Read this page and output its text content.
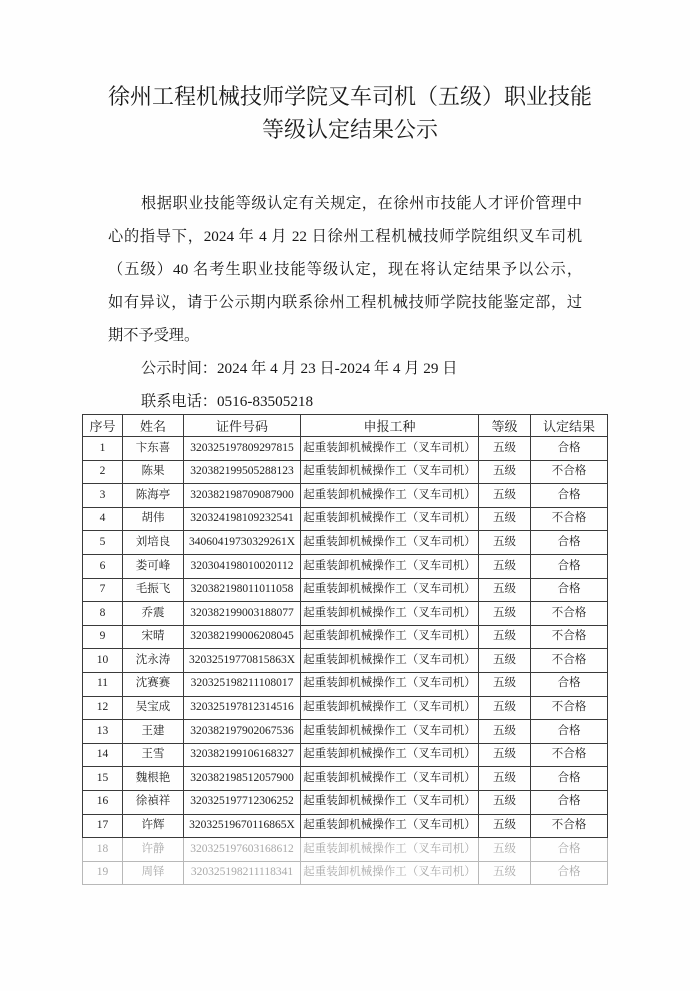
徐州工程机械技师学院叉车司机（五级）职业技能
等级认定结果公示
根据职业技能等级认定有关规定，在徐州市技能人才评价管理中
心的指导下，2024 年 4 月 22 日徐州工程机械技师学院组织叉车司机
（五级）40 名考生职业技能等级认定，现在将认定结果予以公示，
如有异议，请于公示期内联系徐州工程机械技师学院技能鉴定部，过
期不予受理。
公示时间：2024 年 4 月 23 日-2024 年 4 月 29 日
联系电话：0516-83505218
序号	姓名	证件号码	申报工种	等级	认定结果
1	卞东喜	320325197809297815	起重装卸机械操作工（叉车司机）	五级	合格
2	陈果	320382199505288123	起重装卸机械操作工（叉车司机）	五级	不合格
3	陈海亭	320382198709087900	起重装卸机械操作工（叉车司机）	五级	合格
4	胡伟	320324198109232541	起重装卸机械操作工（叉车司机）	五级	不合格
5	刘培良	34060419730329261X	起重装卸机械操作工（叉车司机）	五级	合格
6	娄可峰	320304198010020112	起重装卸机械操作工（叉车司机）	五级	合格
7	毛振飞	320382198011011058	起重装卸机械操作工（叉车司机）	五级	合格
8	乔震	320382199003188077	起重装卸机械操作工（叉车司机）	五级	不合格
9	宋晴	320382199006208045	起重装卸机械操作工（叉车司机）	五级	不合格
10	沈永涛	32032519770815863X	起重装卸机械操作工（叉车司机）	五级	不合格
11	沈赛赛	320325198211108017	起重装卸机械操作工（叉车司机）	五级	合格
12	吴宝成	320325197812314516	起重装卸机械操作工（叉车司机）	五级	不合格
13	王建	320382197902067536	起重装卸机械操作工（叉车司机）	五级	合格
14	王雪	320382199106168327	起重装卸机械操作工（叉车司机）	五级	不合格
15	魏根艳	320382198512057900	起重装卸机械操作工（叉车司机）	五级	合格
16	徐禎祥	320325197712306252	起重装卸机械操作工（叉车司机）	五级	合格
17	许辉	32032519670116865X	起重装卸机械操作工（叉车司机）	五级	不合格
18	许静	320325197603168612	起重装卸机械操作工（叉车司机）	五级	合格
19	周铎	320325198211118341	起重装卸机械操作工（叉车司机）	五级	合格
